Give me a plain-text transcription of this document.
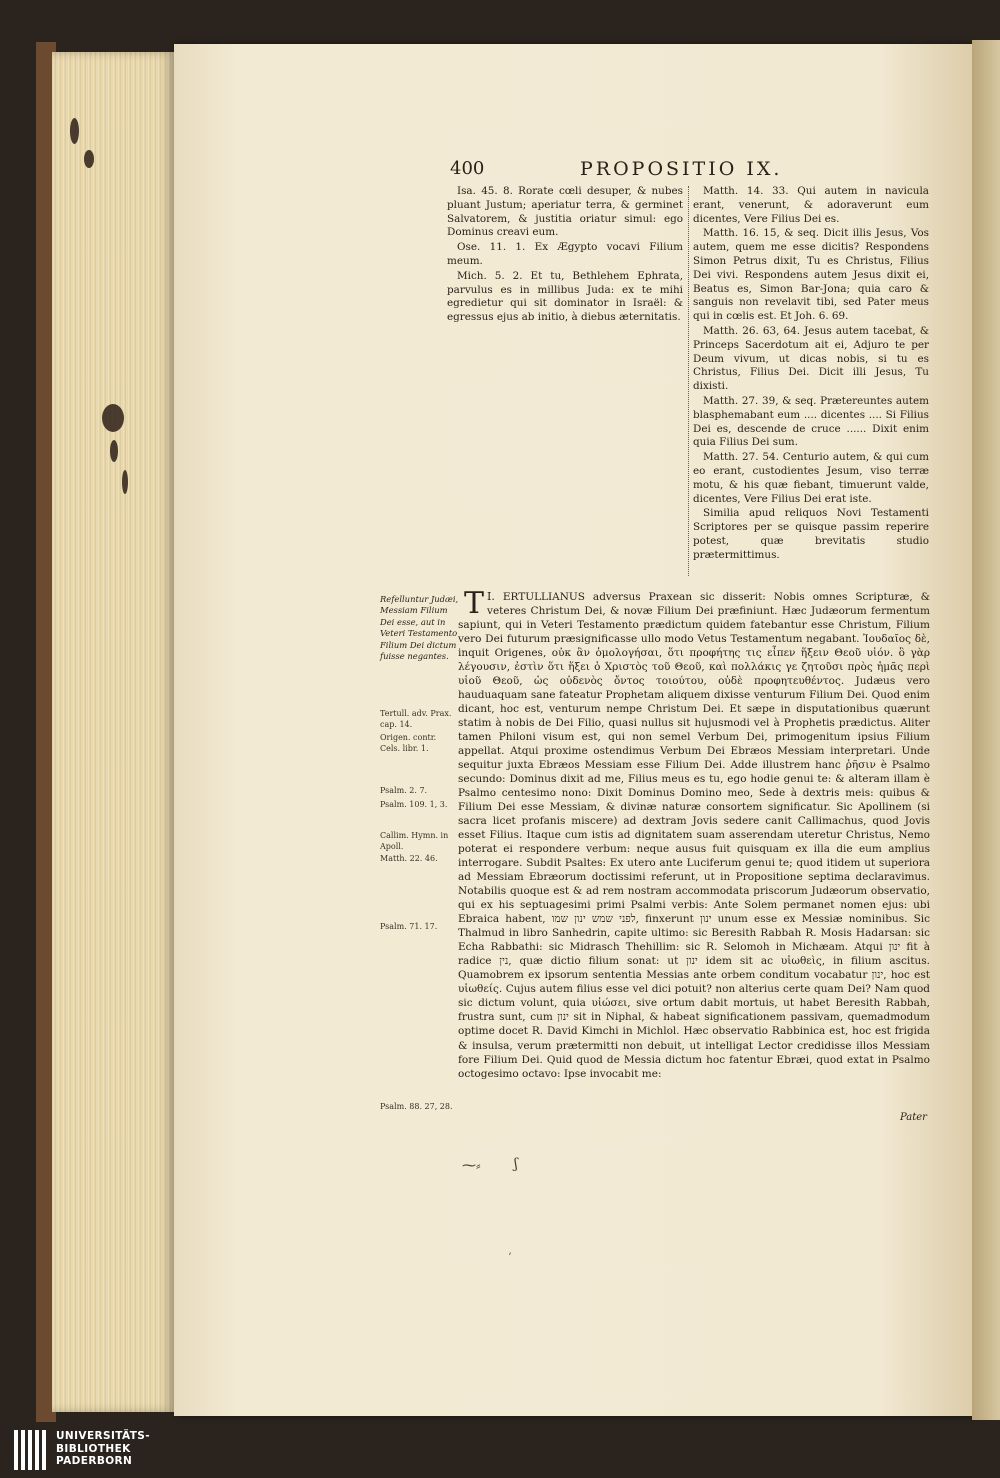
400	PROPOSITIO IX.

Isa. 45. 8. Rorate cœli desuper, & nubes pluant Justum; aperiatur terra, & germinet Salvatorem, & justitia oriatur simul: ego Dominus creavi eum.

Ose. 11. 1. Ex Ægypto vocavi Filium meum.

Mich. 5. 2. Et tu, Bethlehem Ephrata, parvulus es in millibus Juda: ex te mihi egredietur qui sit dominator in Israël: & egressus ejus ab initio, à diebus æternitatis.

Matth. 14. 33. Qui autem in navicula erant, venerunt, & adoraverunt eum dicentes, Vere Filius Dei es.

Matth. 16. 15, & seq. Dicit illis Jesus, Vos autem, quem me esse dicitis? Respondens Simon Petrus dixit, Tu es Christus, Filius Dei vivi. Respondens autem Jesus dixit ei, Beatus es, Simon Bar-Jona; quia caro & sanguis non revelavit tibi, sed Pater meus qui in cœlis est. Et Joh. 6. 69.

Matth. 26. 63, 64. Jesus autem tacebat, & Princeps Sacerdotum ait ei, Adjuro te per Deum vivum, ut dicas nobis, si tu es Christus, Filius Dei. Dicit illi Jesus, Tu dixisti.

Matth. 27. 39, & seq. Prætereuntes autem blasphemabant eum .... dicentes .... Si Filius Dei es, descende de cruce ...... Dixit enim quia Filius Dei sum.

Matth. 27. 54. Centurio autem, & qui cum eo erant, custodientes Jesum, viso terræ motu, & his quæ fiebant, timuerunt valde, dicentes, Vere Filius Dei erat iste.

Similia apud reliquos Novi Testamenti Scriptores per se quisque passim reperire potest, quæ brevitatis studio prætermittimus.

Refelluntur Judæi, Messiam Filium Dei esse, aut in Veteri Testamento Filium Dei dictum fuisse negantes.
Tertull. adv. Prax. cap. 14.
Origen. contr. Cels. libr. 1.
Psalm. 2. 7.
Psalm. 109. 1, 3.
Callim. Hymn. in Apoll.
Matth. 22. 46.
Psalm. 71. 17.
Psalm. 88. 27, 28.
I.
T ERTULLIANUS adversus Praxean sic disserit: Nobis omnes Scripturæ, & veteres Christum Dei, & novæ Filium Dei præfiniunt. Hæc Judæorum fermentum sapiunt, qui in Veteri Testamento prædictum quidem fatebantur esse Christum, Filium vero Dei futurum præsignificasse ullo modo Vetus Testamentum negabant. Ἰουδαῖος δὲ, inquit Origenes, οὐκ ἂν ὁμολογήσαι, ὅτι προφήτης τις εἶπεν ἥξειν Θεοῦ υἱόν. ὃ γὰρ λέγουσιν, ἐστὶν ὅτι ἥξει ὁ Χριστὸς τοῦ Θεοῦ, καὶ πολλάκις γε ζητοῦσι πρὸς ἡμᾶς περὶ υἱοῦ Θεοῦ, ὡς οὐδενὸς ὄντος τοιούτου, οὐδὲ προφητευθέντος. Judæus vero hauduaquam sane fateatur Prophetam aliquem dixisse venturum Filium Dei. Quod enim dicant, hoc est, venturum nempe Christum Dei. Et sæpe in disputationibus quærunt statim à nobis de Dei Filio, quasi nullus sit hujusmodi vel à Prophetis prædictus. Aliter tamen Philoni visum est, qui non semel Verbum Dei, primogenitum ipsius Filium appellat. Atqui proxime ostendimus Verbum Dei Ebræos Messiam interpretari. Unde sequitur juxta Ebræos Messiam esse Filium Dei. Adde illustrem hanc ῥῆσιν è Psalmo secundo: Dominus dixit ad me, Filius meus es tu, ego hodie genui te: & alteram illam è Psalmo centesimo nono: Dixit Dominus Domino meo, Sede à dextris meis: quibus & Filium Dei esse Messiam, & divinæ naturæ consortem significatur. Sic Apollinem (si sacra licet profanis miscere) ad dextram Jovis sedere canit Callimachus, quod Jovis esset Filius. Itaque cum istis ad dignitatem suam asserendam uteretur Christus, Nemo poterat ei respondere verbum: neque ausus fuit quisquam ex illa die eum amplius interrogare. Subdit Psaltes: Ex utero ante Luciferum genui te; quod itidem ut superiora ad Messiam Ebræorum doctissimi referunt, ut in Propositione septima declaravimus. Notabilis quoque est & ad rem nostram accommodata priscorum Judæorum observatio, qui ex his septuagesimi primi Psalmi verbis: Ante Solem permanet nomen ejus: ubi Ebraica habent, לפני שמש ינון שמו, finxerunt ינון unum esse ex Messiæ nominibus. Sic Thalmud in libro Sanhedrin, capite ultimo: sic Beresith Rabbah R. Mosis Hadarsan: sic Echa Rabbathi: sic Midrasch Thehillim: sic R. Selomoh in Michæam. Atqui ינון fit à radice נין, quæ dictio filium sonat: ut ינון idem sit ac υἱωθεὶς, in filium ascitus. Quamobrem ex ipsorum sententia Messias ante orbem conditum vocabatur ינון, hoc est υἱωθείς. Cujus autem filius esse vel dici potuit? non alterius certe quam Dei? Nam quod sic dictum volunt, quia υἱώσει, sive ortum dabit mortuis, ut habet Beresith Rabbah, frustra sunt, cum ינון sit in Niphal, & habeat significationem passivam, quemadmodum optime docet R. David Kimchi in Michlol. Hæc observatio Rabbinica est, hoc est frigida & insulsa, verum prætermitti non debuit, ut intelligat Lector credidisse illos Messiam fore Filium Dei. Quid quod de Messia dictum hoc fatentur Ebræi, quod extat in Psalmo octogesimo octavo: Ipse invocabit me:
Pater
⁓⸗ ʃ
ʼ
UNIVERSITÄTS-
BIBLIOTHEK
PADERBORN
